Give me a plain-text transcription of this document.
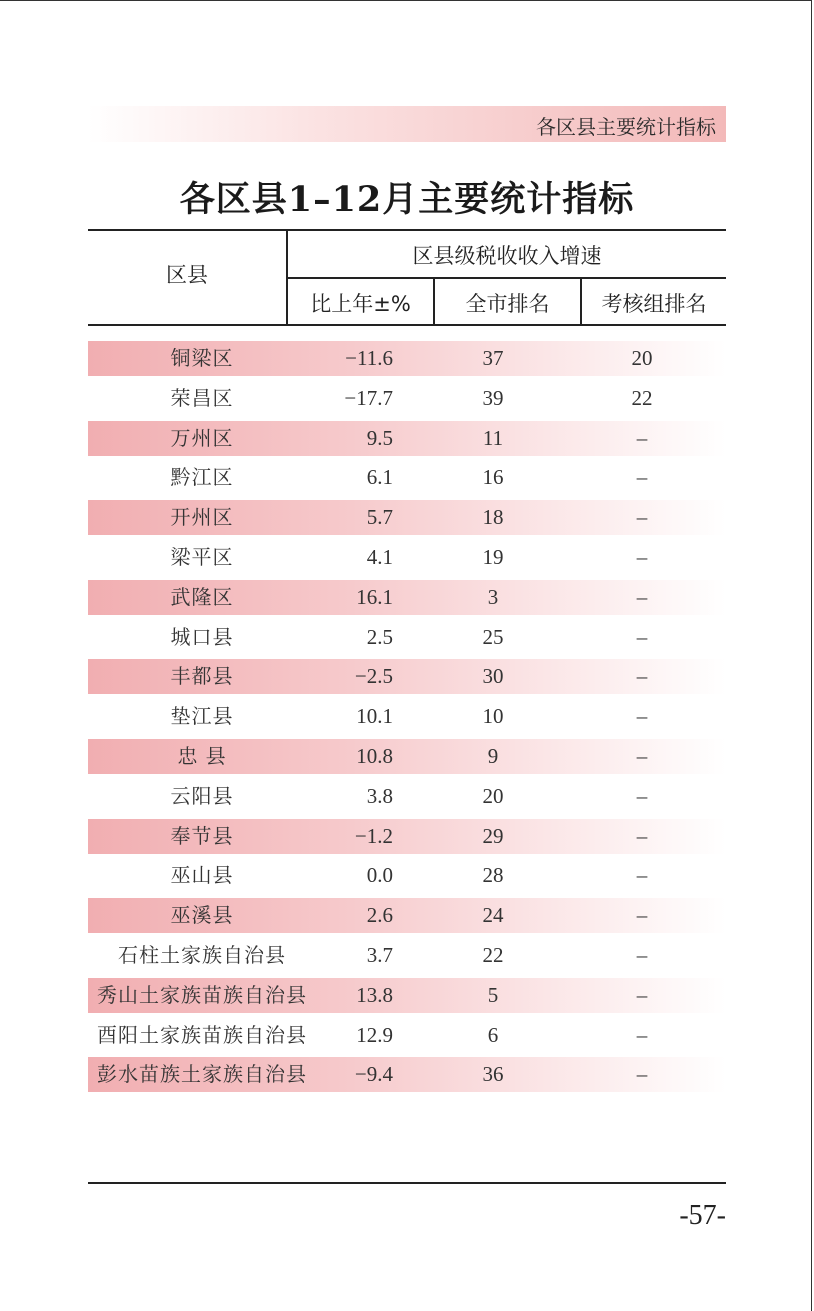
各区县主要统计指标
各区县1–12月主要统计指标
区县
区县级税收收入增速
比上年±%	全市排名	考核组排名
铜梁区	−11.6	37	20
荣昌区	−17.7	39	22
万州区	9.5	11	–
黔江区	6.1	16	–
开州区	5.7	18	–
梁平区	4.1	19	–
武隆区	16.1	3	–
城口县	2.5	25	–
丰都县	−2.5	30	–
垫江县	10.1	10	–
忠 县	10.8	9	–
云阳县	3.8	20	–
奉节县	−1.2	29	–
巫山县	0.0	28	–
巫溪县	2.6	24	–
石柱土家族自治县	3.7	22	–
秀山土家族苗族自治县	13.8	5	–
酉阳土家族苗族自治县	12.9	6	–
彭水苗族土家族自治县	−9.4	36	–
-57-
